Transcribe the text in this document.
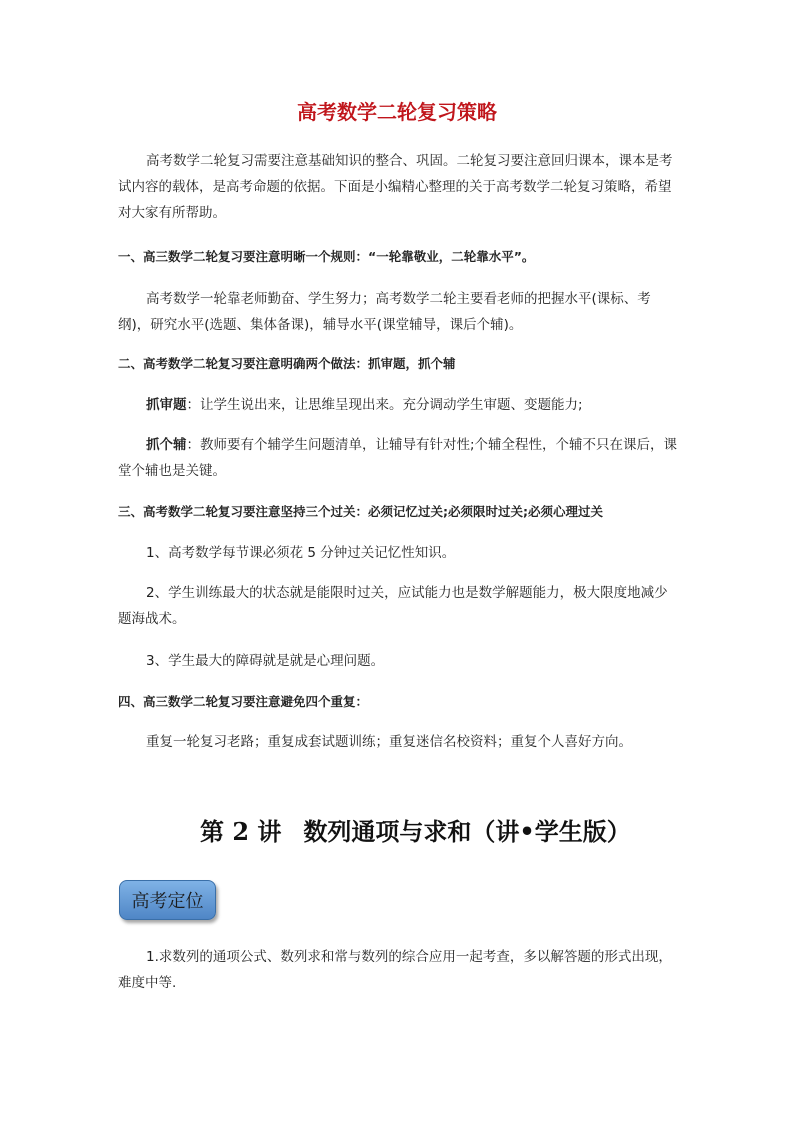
高考数学二轮复习策略
高考数学二轮复习需要注意基础知识的整合、巩固。二轮复习要注意回归课本，课本是考试内容的载体，是高考命题的依据。下面是小编精心整理的关于高考数学二轮复习策略，希望对大家有所帮助。
一、高三数学二轮复习要注意明晰一个规则：“一轮靠敬业，二轮靠水平”。
高考数学一轮靠老师勤奋、学生努力；高考数学二轮主要看老师的把握水平(课标、考纲)，研究水平(选题、集体备课)，辅导水平(课堂辅导，课后个辅)。
二、高考数学二轮复习要注意明确两个做法：抓审题，抓个辅
抓审题：让学生说出来，让思维呈现出来。充分调动学生审题、变题能力;
抓个辅：教师要有个辅学生问题清单，让辅导有针对性;个辅全程性，个辅不只在课后，课堂个辅也是关键。
三、高考数学二轮复习要注意坚持三个过关：必须记忆过关;必须限时过关;必须心理过关
1、高考数学每节课必须花 5 分钟过关记忆性知识。
2、学生训练最大的状态就是能限时过关，应试能力也是数学解题能力，极大限度地减少题海战术。
3、学生最大的障碍就是就是心理问题。
四、高三数学二轮复习要注意避免四个重复：
重复一轮复习老路；重复成套试题训练；重复迷信名校资料；重复个人喜好方向。
第 2 讲 数列通项与求和（讲•学生版）
高考定位
1.求数列的通项公式、数列求和常与数列的综合应用一起考查，多以解答题的形式出现，难度中等.
